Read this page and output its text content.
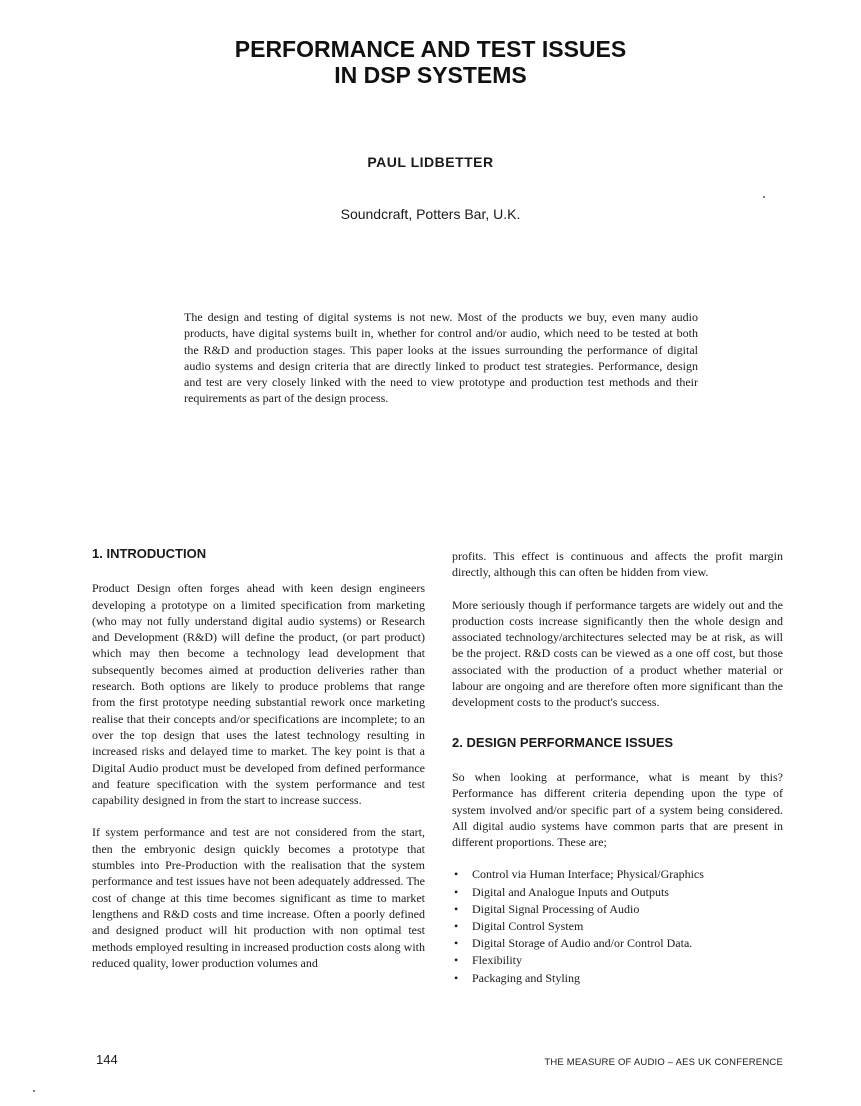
PERFORMANCE AND TEST ISSUES
IN DSP SYSTEMS
PAUL LIDBETTER
Soundcraft, Potters Bar, U.K.
The design and testing of digital systems is not new. Most of the products we buy, even many audio products, have digital systems built in, whether for control and/or audio, which need to be tested at both the R&D and production stages. This paper looks at the issues surrounding the performance of digital audio systems and design criteria that are directly linked to product test strategies. Performance, design and test are very closely linked with the need to view prototype and production test methods and their requirements as part of the design process.
1. INTRODUCTION

Product Design often forges ahead with keen design engineers developing a prototype on a limited specification from marketing (who may not fully understand digital audio systems) or Research and Development (R&D) will define the product, (or part product) which may then become a technology lead development that subsequently becomes aimed at production deliveries rather than research. Both options are likely to produce problems that range from the first prototype needing substantial rework once marketing realise that their concepts and/or specifications are incomplete; to an over the top design that uses the latest technology resulting in increased risks and delayed time to market. The key point is that a Digital Audio product must be developed from defined performance and feature specification with the system performance and test capability designed in from the start to increase success.

If system performance and test are not considered from the start, then the embryonic design quickly becomes a prototype that stumbles into Pre-Production with the realisation that the system performance and test issues have not been adequately addressed. The cost of change at this time becomes significant as time to market lengthens and R&D costs and time increase. Often a poorly defined and designed product will hit production with non optimal test methods employed resulting in increased production costs along with reduced quality, lower production volumes and

profits. This effect is continuous and affects the profit margin directly, although this can often be hidden from view.

More seriously though if performance targets are widely out and the production costs increase significantly then the whole design and associated technology/architectures selected may be at risk, as will be the project. R&D costs can be viewed as a one off cost, but those associated with the production of a product whether material or labour are ongoing and are therefore often more significant than the development costs to the product's success.

2. DESIGN PERFORMANCE ISSUES

So when looking at performance, what is meant by this? Performance has different criteria depending upon the type of system involved and/or specific part of a system being considered. All digital audio systems have common parts that are present in different proportions. These are;

• Control via Human Interface; Physical/Graphics
• Digital and Analogue Inputs and Outputs
• Digital Signal Processing of Audio
• Digital Control System
• Digital Storage of Audio and/or Control Data.
• Flexibility
• Packaging and Styling
144	THE MEASURE OF AUDIO – AES UK CONFERENCE
